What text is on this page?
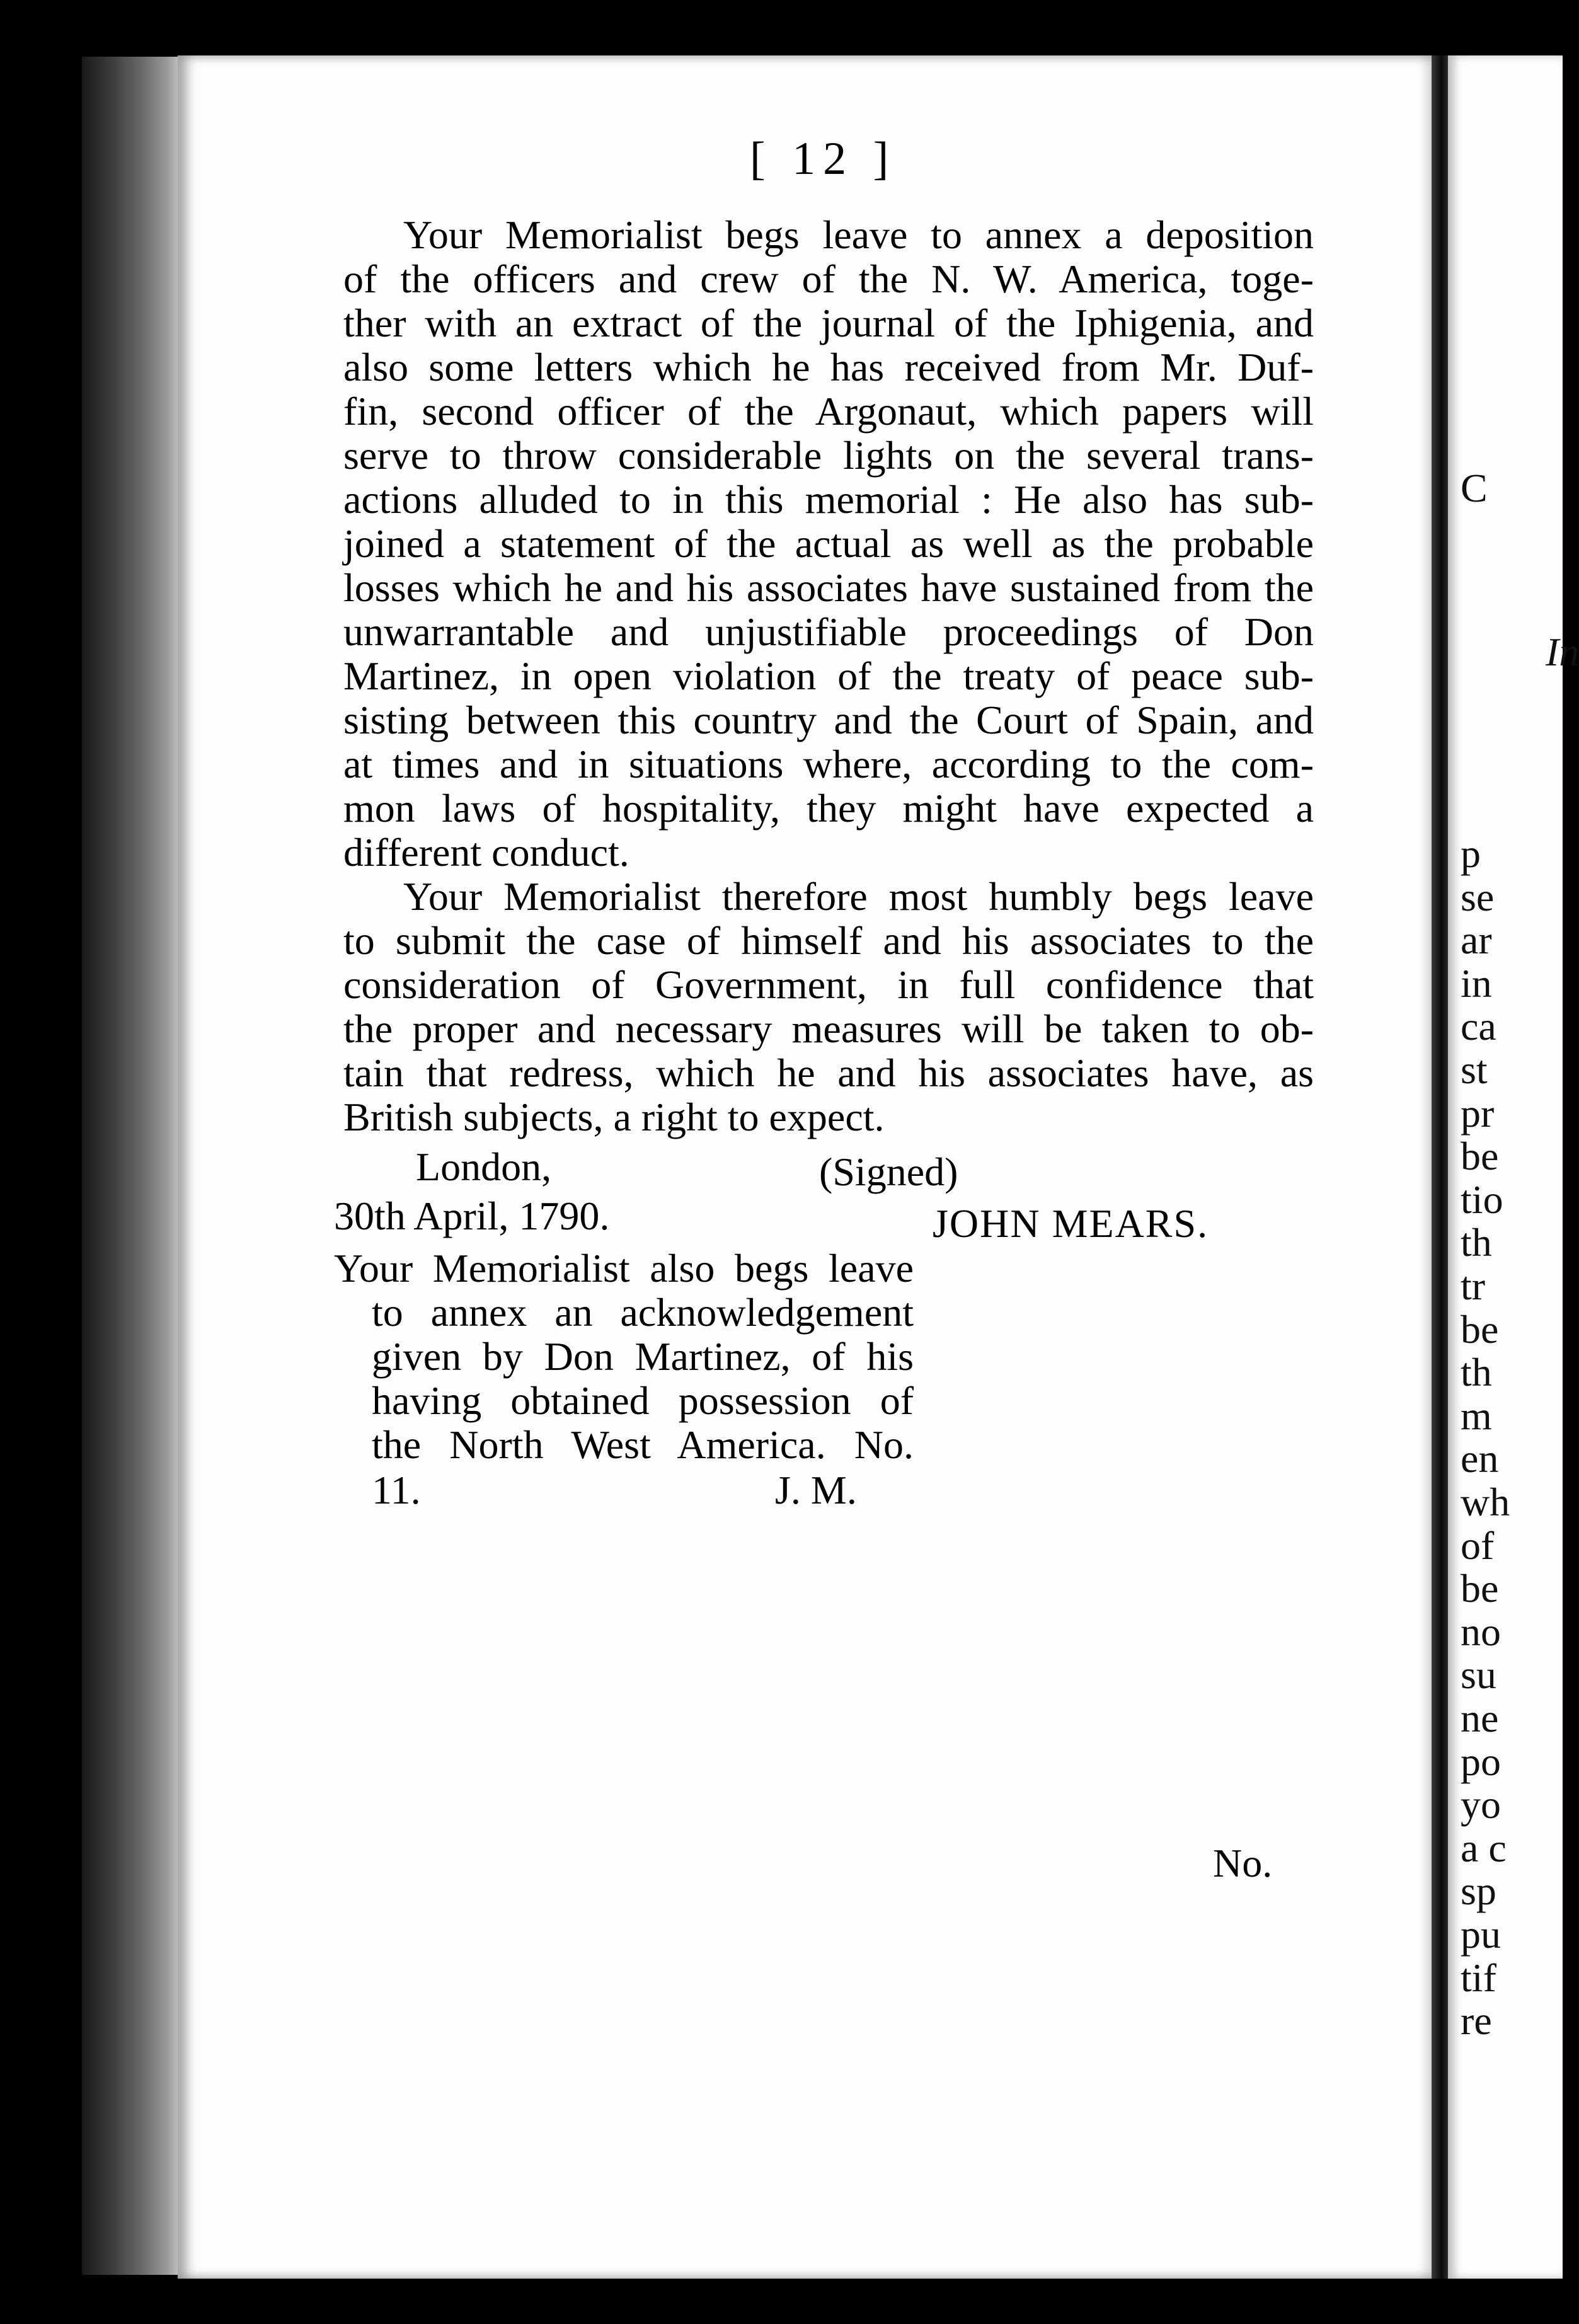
[ 12 ]
Your Memorialist begs leave to annex a deposition
of the officers and crew of the N. W. America, toge-
ther with an extract of the journal of the Iphigenia, and
also some letters which he has received from Mr. Duf-
fin, second officer of the Argonaut, which papers will
serve to throw considerable lights on the several trans-
actions alluded to in this memorial : He also has sub-
joined a statement of the actual as well as the probable
losses which he and his associates have sustained from the
unwarrantable and unjustifiable proceedings of Don
Martinez, in open violation of the treaty of peace sub-
sisting between this country and the Court of Spain, and
at times and in situations where, according to the com-
mon laws of hospitality, they might have expected a
different conduct.
Your Memorialist therefore most humbly begs leave
to submit the case of himself and his associates to the
consideration of Government, in full confidence that
the proper and necessary measures will be taken to ob-
tain that redress, which he and his associates have, as
British subjects, a right to expect.
London,	(Signed)
30th April, 1790.	JOHN MEARS.
Your Memorialist also begs leave
to annex an acknowledgement
given by Don Martinez, of his
having obtained possession of
the North West America. No.
11.	J. M.
No.
C
In
p
se
ar
in
ca
st
pr
be
tio
th
tr
be
th
m
en
wh
of
be
no
su
ne
po
yo
a c
sp
pu
tif
re
